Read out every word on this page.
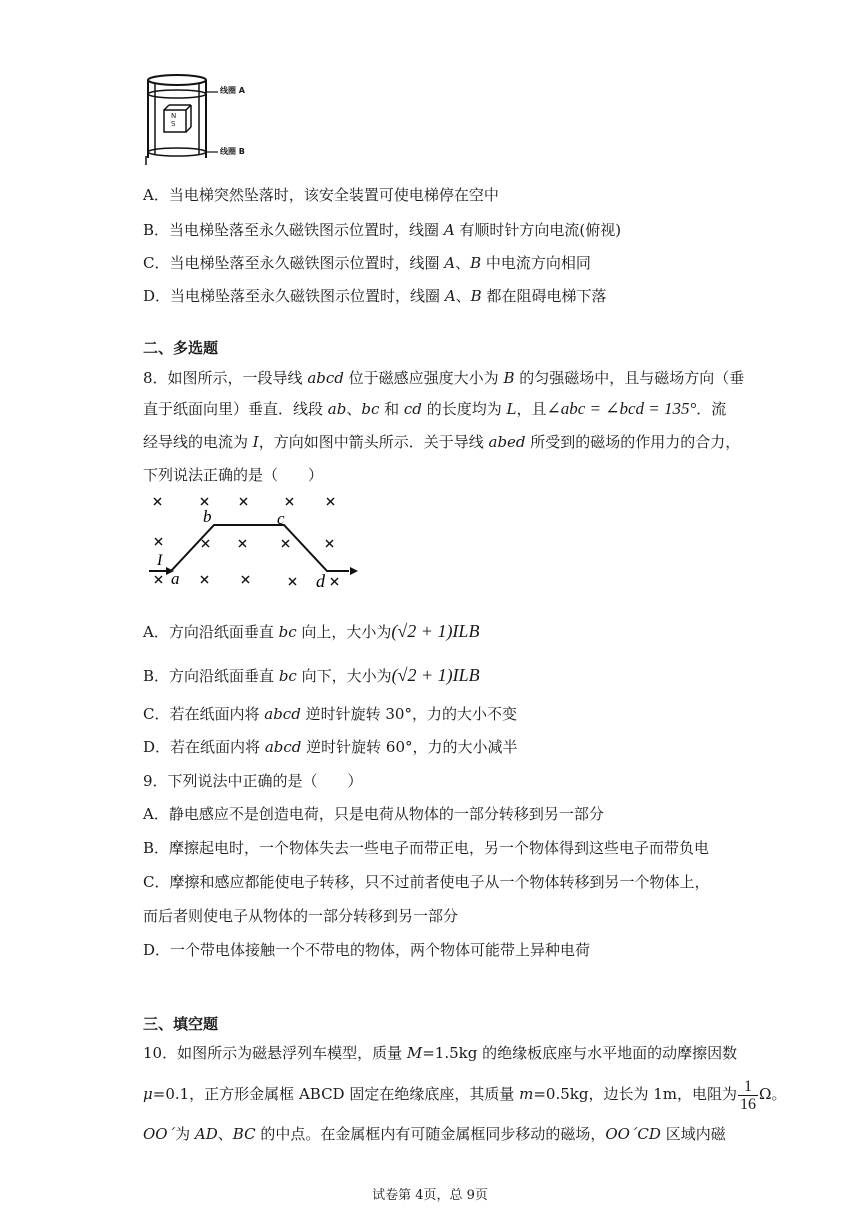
N
S
线圈 A
线圈 B
A．当电梯突然坠落时，该安全装置可使电梯停在空中
B．当电梯坠落至永久磁铁图示位置时，线圈 A 有顺时针方向电流(俯视)
C．当电梯坠落至永久磁铁图示位置时，线圈 A、B 中电流方向相同
D．当电梯坠落至永久磁铁图示位置时，线圈 A、B 都在阻碍电梯下落
二、多选题
8．如图所示，一段导线 abcd 位于磁感应强度大小为 B 的匀强磁场中，且与磁场方向（垂
直于纸面向里）垂直．线段 ab、bc 和 cd 的长度均为 L，且∠abc = ∠bcd = 135°．流
经导线的电流为 I，方向如图中箭头所示．关于导线 abed 所受到的磁场的作用力的合力，
下列说法正确的是（　　）
I
a
b	c
d
A．方向沿纸面垂直 bc 向上，大小为(√2 + 1)ILB
B．方向沿纸面垂直 bc 向下，大小为(√2 + 1)ILB
C．若在纸面内将 abcd 逆时针旋转 30°，力的大小不变
D．若在纸面内将 abcd 逆时针旋转 60°，力的大小减半
9．下列说法中正确的是（　　）
A．静电感应不是创造电荷，只是电荷从物体的一部分转移到另一部分
B．摩擦起电时，一个物体失去一些电子而带正电，另一个物体得到这些电子而带负电
C．摩擦和感应都能使电子转移，只不过前者使电子从一个物体转移到另一个物体上，
而后者则使电子从物体的一部分转移到另一部分
D．一个带电体接触一个不带电的物体，两个物体可能带上异种电荷
三、填空题
10．如图所示为磁悬浮列车模型，质量 M=1.5kg 的绝缘板底座与水平地面的动摩擦因数
μ=0.1，正方形金属框 ABCD 固定在绝缘底座，其质量 m=0.5kg，边长为 1m，电阻为 $\frac{1}{16}$ Ω。
OO´为 AD、BC 的中点。在金属框内有可随金属框同步移动的磁场，OO´CD 区域内磁
试卷第 4页，总 9页
